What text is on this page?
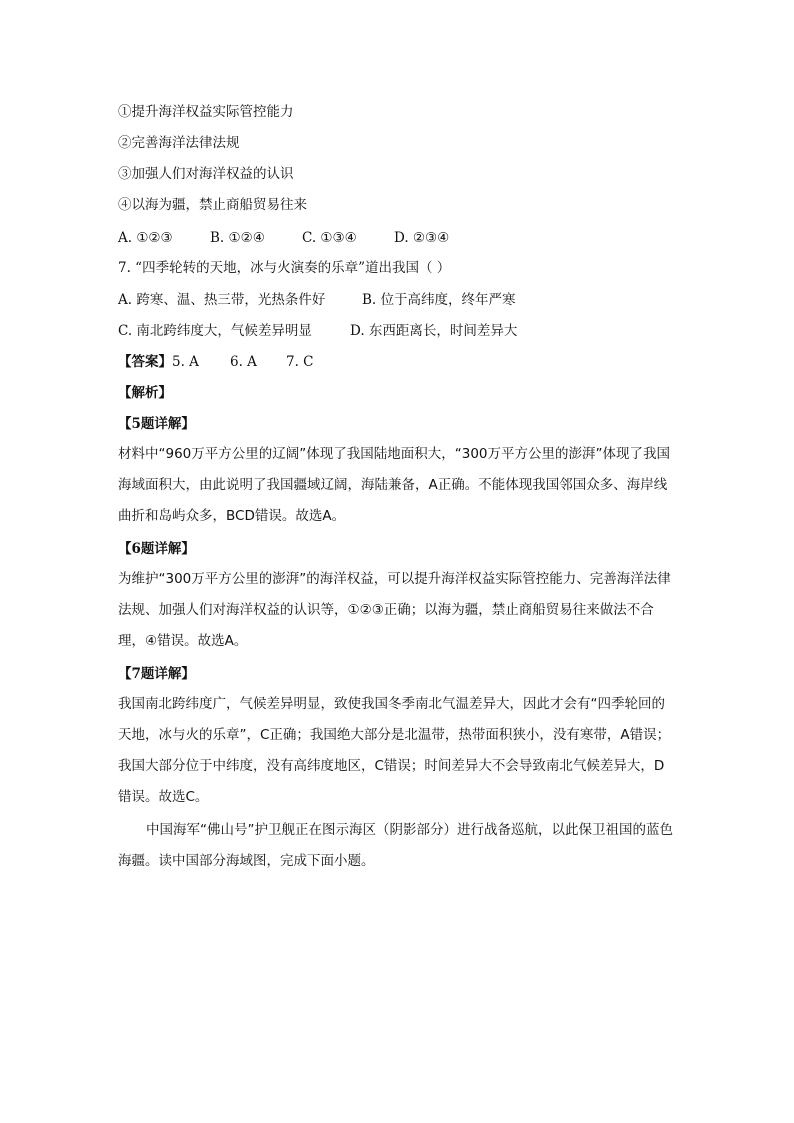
①提升海洋权益实际管控能力
②完善海洋法律法规
③加强人们对海洋权益的认识
④以海为疆，禁止商船贸易往来
A. ①②③	B. ①②④	C. ①③④	D. ②③④
7. “四季轮转的天地，冰与火演奏的乐章”道出我国（ ）
A. 跨寒、温、热三带，光热条件好	B. 位于高纬度，终年严寒
C. 南北跨纬度大，气候差异明显	D. 东西距离长，时间差异大
【答案】5. A 6. A 7. C
【解析】
【5题详解】
材料中“960万平方公里的辽阔”体现了我国陆地面积大，“300万平方公里的澎湃”体现了我国海域面积大，由此说明了我国疆域辽阔，海陆兼备，A正确。不能体现我国邻国众多、海岸线曲折和岛屿众多，BCD错误。故选A。
【6题详解】
为维护“300万平方公里的澎湃”的海洋权益，可以提升海洋权益实际管控能力、完善海洋法律法规、加强人们对海洋权益的认识等，①②③正确；以海为疆，禁止商船贸易往来做法不合理，④错误。故选A。
【7题详解】
我国南北跨纬度广，气候差异明显，致使我国冬季南北气温差异大，因此才会有“四季轮回的天地，冰与火的乐章”，C正确；我国绝大部分是北温带，热带面积狭小，没有寒带，A错误；我国大部分位于中纬度，没有高纬度地区，C错误；时间差异大不会导致南北气候差异大，D错误。故选C。
中国海军“佛山号”护卫舰正在图示海区（阴影部分）进行战备巡航，以此保卫祖国的蓝色海疆。读中国部分海域图，完成下面小题。
